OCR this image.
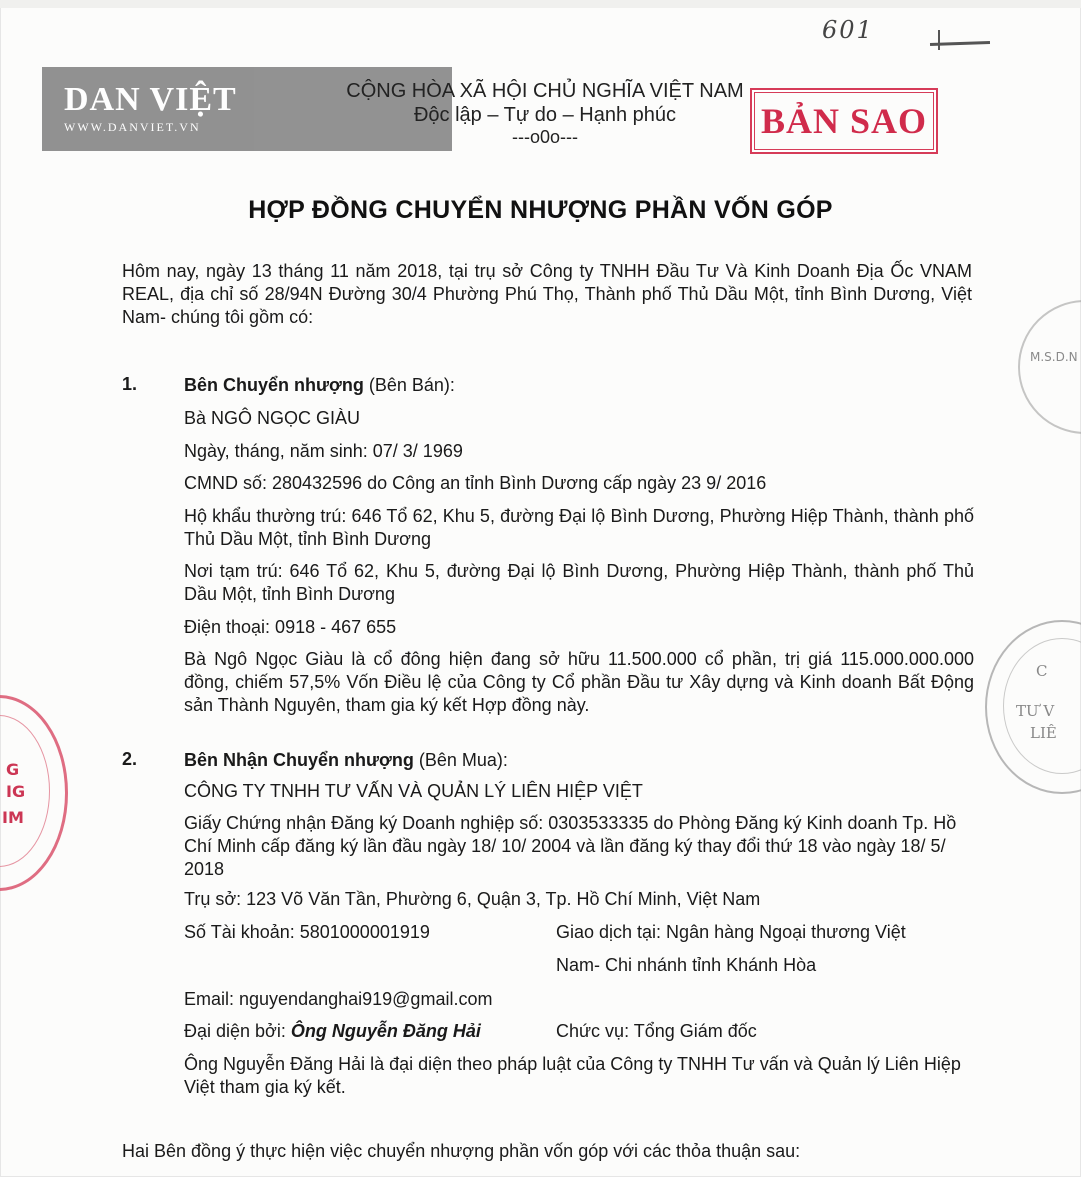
DAN VIỆT
WWW.DANVIET.VN
601
CỘNG HÒA XÃ HỘI CHỦ NGHĨA VIỆT NAM
Độc lập – Tự do – Hạnh phúc
---o0o---	BẢN SAO
HỢP ĐỒNG CHUYỂN NHƯỢNG PHẦN VỐN GÓP
Hôm nay, ngày 13 tháng 11 năm 2018, tại trụ sở Công ty TNHH Đầu Tư Và Kinh Doanh Địa Ốc VNAM REAL, địa chỉ số 28/94N Đường 30/4 Phường Phú Thọ, Thành phố Thủ Dầu Một, tỉnh Bình Dương, Việt Nam- chúng tôi gồm có:
1.	Bên Chuyển nhượng (Bên Bán):
Bà NGÔ NGỌC GIÀU
Ngày, tháng, năm sinh: 07/ 3/ 1969
CMND số: 280432596 do Công an tỉnh Bình Dương cấp ngày 23 9/ 2016
Hộ khẩu thường trú: 646 Tổ 62, Khu 5, đường Đại lộ Bình Dương, Phường Hiệp Thành, thành phố Thủ Dầu Một, tỉnh Bình Dương
Nơi tạm trú: 646 Tổ 62, Khu 5, đường Đại lộ Bình Dương, Phường Hiệp Thành, thành phố Thủ Dầu Một, tỉnh Bình Dương
Điện thoại: 0918 - 467 655
Bà Ngô Ngọc Giàu là cổ đông hiện đang sở hữu 11.500.000 cổ phần, trị giá 115.000.000.000 đồng, chiếm 57,5% Vốn Điều lệ của Công ty Cổ phần Đầu tư Xây dựng và Kinh doanh Bất Động sản Thành Nguyên, tham gia ký kết Hợp đồng này.
2.	Bên Nhận Chuyển nhượng (Bên Mua):
CÔNG TY TNHH TƯ VẤN VÀ QUẢN LÝ LIÊN HIỆP VIỆT
Giấy Chứng nhận Đăng ký Doanh nghiệp số: 0303533335 do Phòng Đăng ký Kinh doanh Tp. Hồ Chí Minh cấp đăng ký lần đầu ngày 18/ 10/ 2004 và lần đăng ký thay đổi thứ 18 vào ngày 18/ 5/ 2018
Trụ sở: 123 Võ Văn Tần, Phường 6, Quận 3, Tp. Hồ Chí Minh, Việt Nam
Số Tài khoản: 5801000001919	Giao dịch tại: Ngân hàng Ngoại thương Việt
Nam- Chi nhánh tỉnh Khánh Hòa
Email: nguyendanghai919@gmail.com
Đại diện bởi: Ông Nguyễn Đăng Hải	Chức vụ: Tổng Giám đốc
Ông Nguyễn Đăng Hải là đại diện theo pháp luật của Công ty TNHH Tư vấn và Quản lý Liên Hiệp Việt tham gia ký kết.
Hai Bên đồng ý thực hiện việc chuyển nhượng phần vốn góp với các thỏa thuận sau:
G
IG
IM
M.S.D.N
C
TƯ V
LIÊ
